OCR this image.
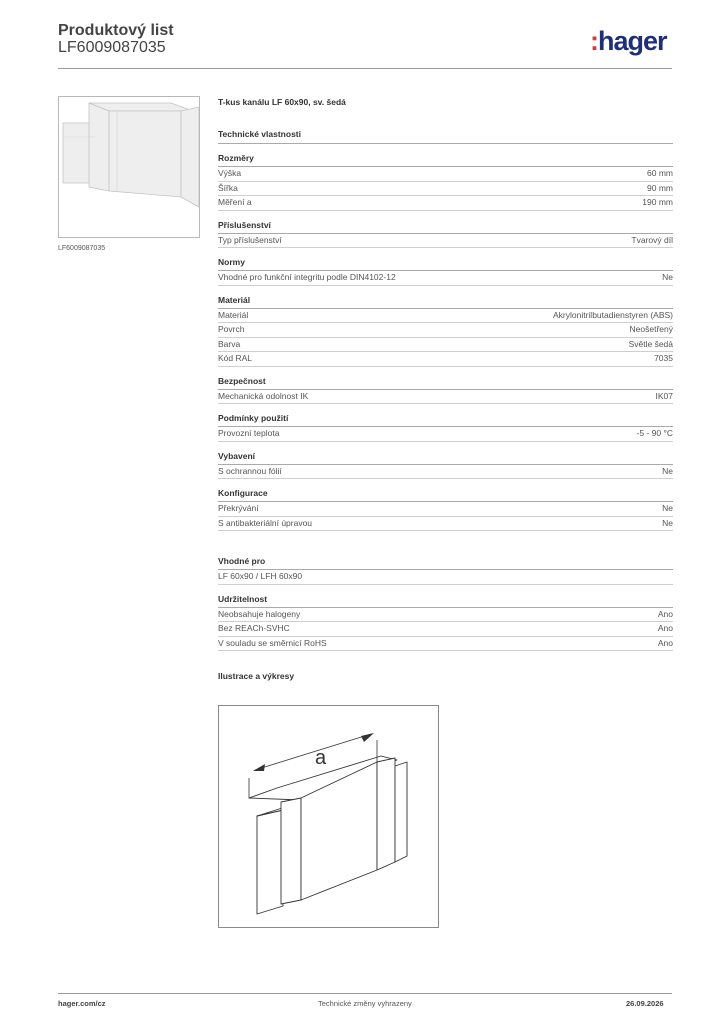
Produktový list
LF6009087035	:hager
LF6009087035
T-kus kanálu LF 60x90, sv. šedá
Technické vlastnosti
Rozměry
Výška	60 mm
Šířka	90 mm
Měření a	190 mm
Příslušenství
Typ příslušenství	Tvarový díl
Normy
Vhodné pro funkční integritu podle DIN4102-12	Ne
Materiál
Materiál	Akrylonitrilbutadienstyren (ABS)
Povrch	Neošetřený
Barva	Světle šedá
Kód RAL	7035
Bezpečnost
Mechanická odolnost IK	IK07
Podmínky použití
Provozní teplota	-5 - 90 °C
Vybavení
S ochrannou fólií	Ne
Konfigurace
Překrývání	Ne
S antibakteriální úpravou	Ne
Vhodné pro
LF 60x90 / LFH 60x90
Udržitelnost
Neobsahuje halogeny	Ano
Bez REACh-SVHC	Ano
V souladu se směrnicí RoHS	Ano
Ilustrace a výkresy
a
hager.com/cz	Technické změny vyhrazeny	26.09.2026
